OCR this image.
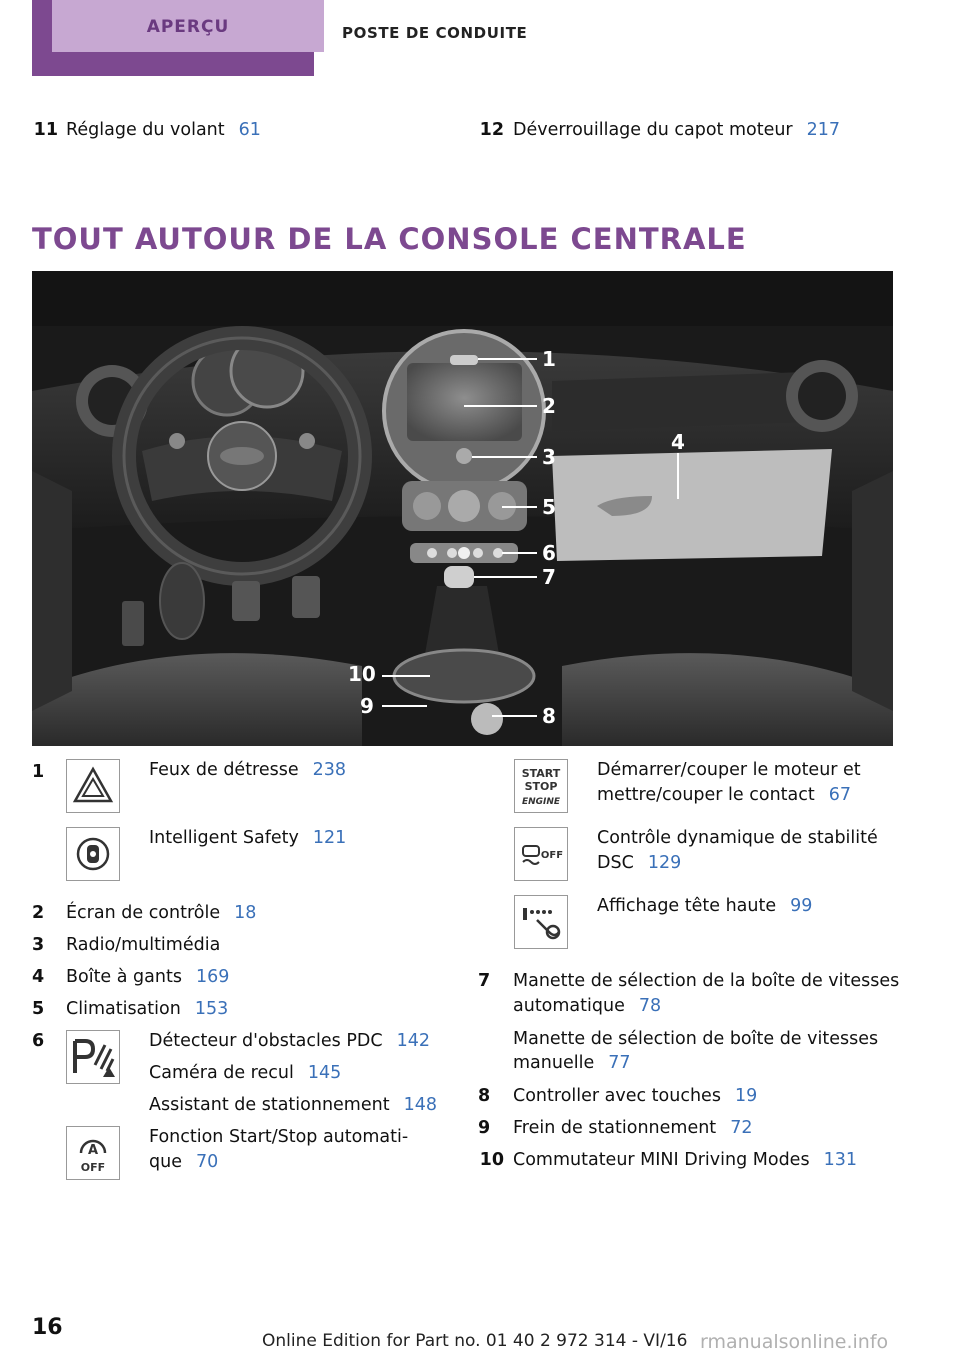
APERÇU	POSTE DE CONDUITE
11 Réglage du volant 61	12 Déverrouillage du capot moteur 217
TOUT AUTOUR DE LA CONSOLE CENTRALE
1
2
3
4
5
6
7
8
9
10
1	Feux de détresse 238
Intelligent Safety 121
2 Écran de contrôle 18
3 Radio/multimédia
4 Boîte à gants 169
5 Climatisation 153
6	Détecteur d'obstacles PDC 142
Caméra de recul 145
Assistant de stationnement 148
A
OFF
Fonction Start/Stop automati-
que 70
START
STOP
ENGINE
Démarrer/couper le moteur et
mettre/couper le contact 67
OFF
Contrôle dynamique de stabilité
DSC 129
Affichage tête haute 99
7 Manette de sélection de la boîte de vitesses
automatique 78
Manette de sélection de boîte de vitesses
manuelle 77
8 Controller avec touches 19
9 Frein de stationnement 72
10 Commutateur MINI Driving Modes 131
16
Online Edition for Part no. 01 40 2 972 314 - VI/16 rmanualsonline.info
